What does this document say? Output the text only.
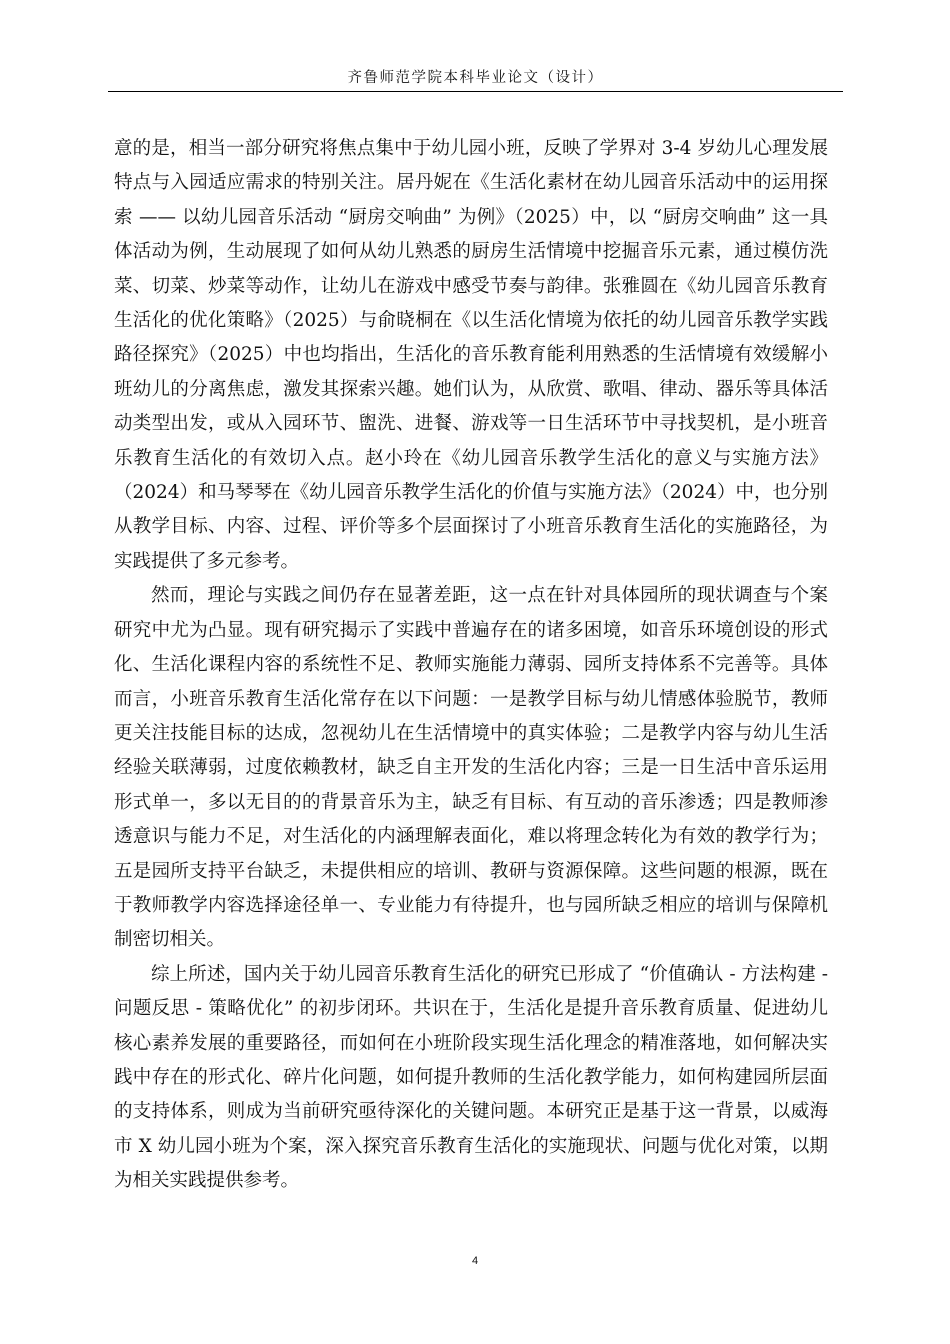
齐鲁师范学院本科毕业论文（设计）

意的是，相当一部分研究将焦点集中于幼儿园小班，反映了学界对 3-4 岁幼儿心理发展特点与入园适应需求的特别关注。居丹妮在《生活化素材在幼儿园音乐活动中的运用探索 —— 以幼儿园音乐活动 “厨房交响曲” 为例》（2025）中，以 “厨房交响曲” 这一具体活动为例，生动展现了如何从幼儿熟悉的厨房生活情境中挖掘音乐元素，通过模仿洗菜、切菜、炒菜等动作，让幼儿在游戏中感受节奏与韵律。张雅圆在《幼儿园音乐教育生活化的优化策略》（2025）与俞晓桐在《以生活化情境为依托的幼儿园音乐教学实践路径探究》（2025）中也均指出，生活化的音乐教育能利用熟悉的生活情境有效缓解小班幼儿的分离焦虑，激发其探索兴趣。她们认为，从欣赏、歌唱、律动、器乐等具体活动类型出发，或从入园环节、盥洗、进餐、游戏等一日生活环节中寻找契机，是小班音乐教育生活化的有效切入点。赵小玲在《幼儿园音乐教学生活化的意义与实施方法》（2024）和马琴琴在《幼儿园音乐教学生活化的价值与实施方法》（2024）中，也分别从教学目标、内容、过程、评价等多个层面探讨了小班音乐教育生活化的实施路径，为实践提供了多元参考。

然而，理论与实践之间仍存在显著差距，这一点在针对具体园所的现状调查与个案研究中尤为凸显。现有研究揭示了实践中普遍存在的诸多困境，如音乐环境创设的形式化、生活化课程内容的系统性不足、教师实施能力薄弱、园所支持体系不完善等。具体而言，小班音乐教育生活化常存在以下问题：一是教学目标与幼儿情感体验脱节，教师更关注技能目标的达成，忽视幼儿在生活情境中的真实体验；二是教学内容与幼儿生活经验关联薄弱，过度依赖教材，缺乏自主开发的生活化内容；三是一日生活中音乐运用形式单一，多以无目的的背景音乐为主，缺乏有目标、有互动的音乐渗透；四是教师渗透意识与能力不足，对生活化的内涵理解表面化，难以将理念转化为有效的教学行为；五是园所支持平台缺乏，未提供相应的培训、教研与资源保障。这些问题的根源，既在于教师教学内容选择途径单一、专业能力有待提升，也与园所缺乏相应的培训与保障机制密切相关。

综上所述，国内关于幼儿园音乐教育生活化的研究已形成了 “价值确认 - 方法构建 - 问题反思 - 策略优化” 的初步闭环。共识在于，生活化是提升音乐教育质量、促进幼儿核心素养发展的重要路径，而如何在小班阶段实现生活化理念的精准落地，如何解决实践中存在的形式化、碎片化问题，如何提升教师的生活化教学能力，如何构建园所层面的支持体系，则成为当前研究亟待深化的关键问题。本研究正是基于这一背景，以威海市 X 幼儿园小班为个案，深入探究音乐教育生活化的实施现状、问题与优化对策，以期为相关实践提供参考。

4
